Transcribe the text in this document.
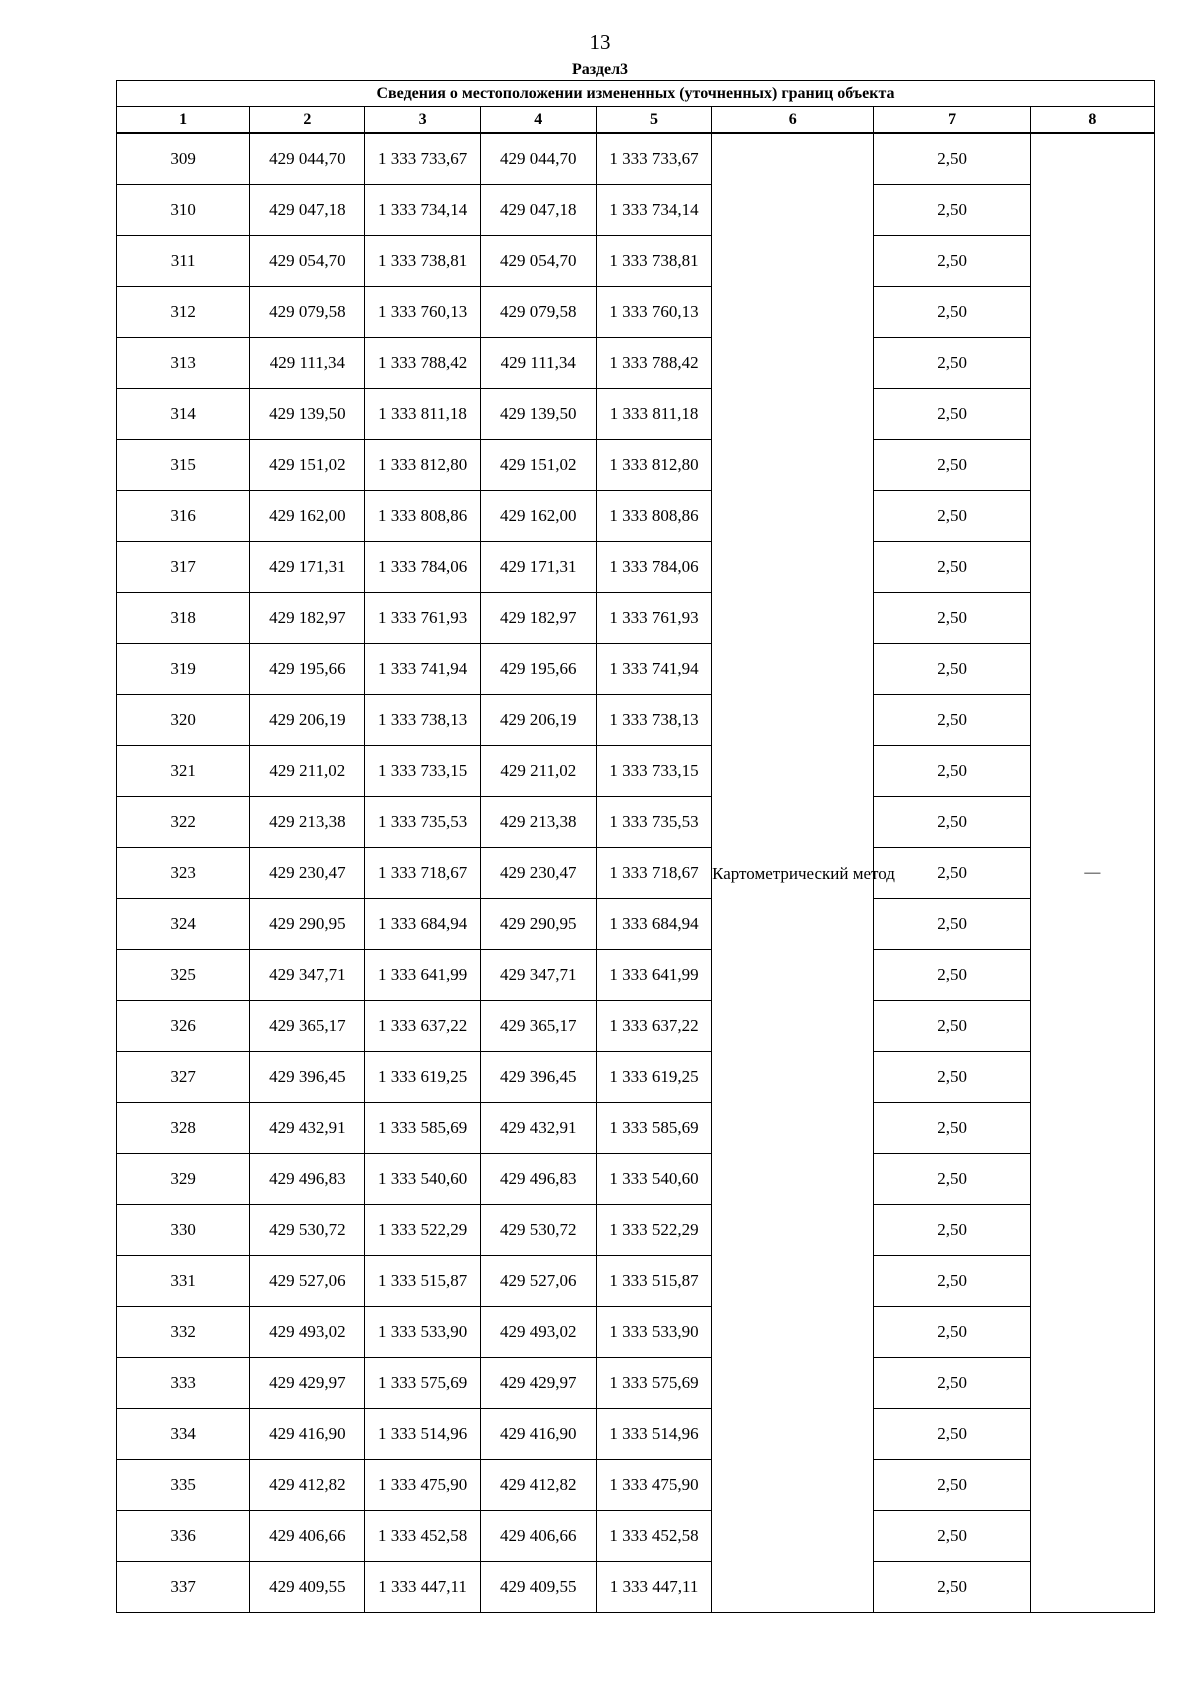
13
Раздел3
Сведения о местоположении измененных (уточненных) границ объекта							
1	2	3	4	5	6	7	8
309	429 044,70	1 333 733,67	429 044,70	1 333 733,67	Картометрический метод	2,50	—
310	429 047,18	1 333 734,14	429 047,18	1 333 734,14		2,50	
311	429 054,70	1 333 738,81	429 054,70	1 333 738,81		2,50	
312	429 079,58	1 333 760,13	429 079,58	1 333 760,13		2,50	
313	429 111,34	1 333 788,42	429 111,34	1 333 788,42		2,50	
314	429 139,50	1 333 811,18	429 139,50	1 333 811,18		2,50	
315	429 151,02	1 333 812,80	429 151,02	1 333 812,80		2,50	
316	429 162,00	1 333 808,86	429 162,00	1 333 808,86		2,50	
317	429 171,31	1 333 784,06	429 171,31	1 333 784,06		2,50	
318	429 182,97	1 333 761,93	429 182,97	1 333 761,93		2,50	
319	429 195,66	1 333 741,94	429 195,66	1 333 741,94		2,50	
320	429 206,19	1 333 738,13	429 206,19	1 333 738,13		2,50	
321	429 211,02	1 333 733,15	429 211,02	1 333 733,15		2,50	
322	429 213,38	1 333 735,53	429 213,38	1 333 735,53		2,50	
323	429 230,47	1 333 718,67	429 230,47	1 333 718,67		2,50	
324	429 290,95	1 333 684,94	429 290,95	1 333 684,94		2,50	
325	429 347,71	1 333 641,99	429 347,71	1 333 641,99		2,50	
326	429 365,17	1 333 637,22	429 365,17	1 333 637,22		2,50	
327	429 396,45	1 333 619,25	429 396,45	1 333 619,25		2,50	
328	429 432,91	1 333 585,69	429 432,91	1 333 585,69		2,50	
329	429 496,83	1 333 540,60	429 496,83	1 333 540,60		2,50	
330	429 530,72	1 333 522,29	429 530,72	1 333 522,29		2,50	
331	429 527,06	1 333 515,87	429 527,06	1 333 515,87		2,50	
332	429 493,02	1 333 533,90	429 493,02	1 333 533,90		2,50	
333	429 429,97	1 333 575,69	429 429,97	1 333 575,69		2,50	
334	429 416,90	1 333 514,96	429 416,90	1 333 514,96		2,50	
335	429 412,82	1 333 475,90	429 412,82	1 333 475,90		2,50	
336	429 406,66	1 333 452,58	429 406,66	1 333 452,58		2,50	
337	429 409,55	1 333 447,11	429 409,55	1 333 447,11		2,50	
